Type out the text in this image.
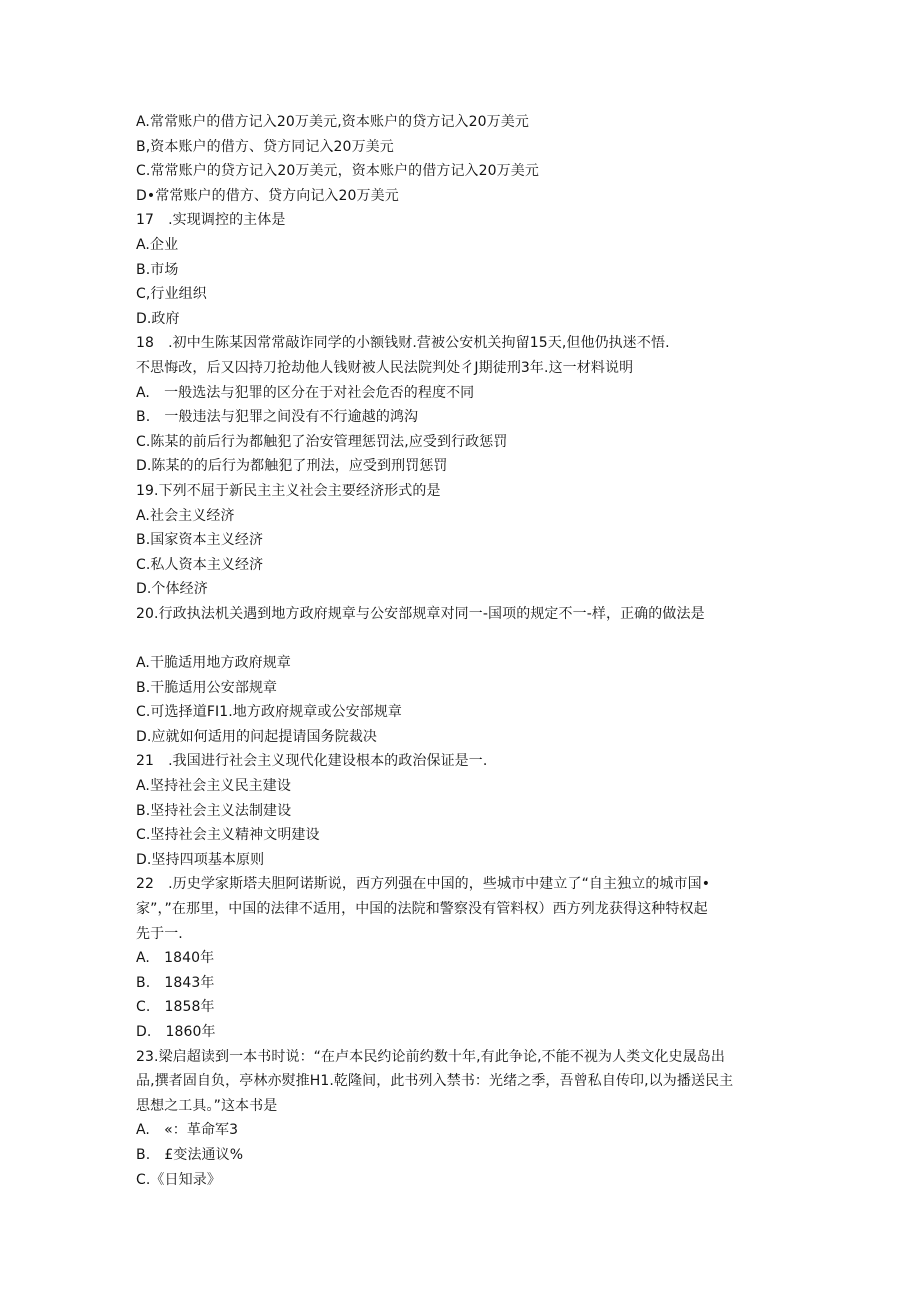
A.常常账户的借方记入20万美元,资本账户的贷方记入20万美元
B,资本账户的借方、贷方同记入20万美元
C.常常账户的贷方记入20万美元，资本账户的借方记入20万美元
D•常常账户的借方、贷方向记入20万美元
17　.实现调控的主体是
A.企业
B.市场
C,行业组织
D.政府
18　.初中生陈某因常常敲诈同学的小额钱财.营被公安机关拘留15天,但他仍执迷不悟.
不思悔改，后又囚持刀抢劫他人钱财被人民法院判处彳J期徒刑3年.这一材料说明
A.　一般选法与犯罪的区分在于对社会危否的程度不同
B.　一般违法与犯罪之间没有不行逾越的鸿沟
C.陈某的前后行为都触犯了治安管理惩罚法,应受到行政惩罚
D.陈某的的后行为都触犯了刑法，应受到刑罚惩罚
19.下列不屈于新民主主义社会主要经济形式的是
A.社会主义经济
B.国家资本主义经济
C.私人资本主义经济
D.个体经济
20.行政执法机关遇到地方政府规章与公安部规章对同一-国项的规定不一-样，正确的做法是
A.干脆适用地方政府规章
B.干脆适用公安部规章
C.可选择道FI1.地方政府规章或公安部规章
D.应就如何适用的问起提请国务院裁决
21　.我国进行社会主义现代化建设根本的政治保证是一.
A.坚持社会主义民主建设
B.坚持社会主义法制建设
C.坚持社会主义精神文明建设
D.坚持四项基本原则
22　.历史学家斯塔夫胆阿诺斯说，西方列强在中国的，些城市中建立了“自主独立的城市国•
家”，”在那里，中国的法律不适用，中国的法院和警察没有管料权）西方列龙获得这种特权起
先于一.
A.　1840年
B.　1843年
C.　1858年
D.　1860年
23.梁启超读到一本书时说：“在卢本民约论前约数十年,有此争论,不能不视为人类文化史晟岛出
品,撰者固自负，亭林亦熨推H1.乾隆间，此书列入禁书：光绪之季，吾曾私自传印,以为播送民主
思想之工具。”这本书是
A.　«：革命军3
B.　£变法通议%
C.《日知录》
